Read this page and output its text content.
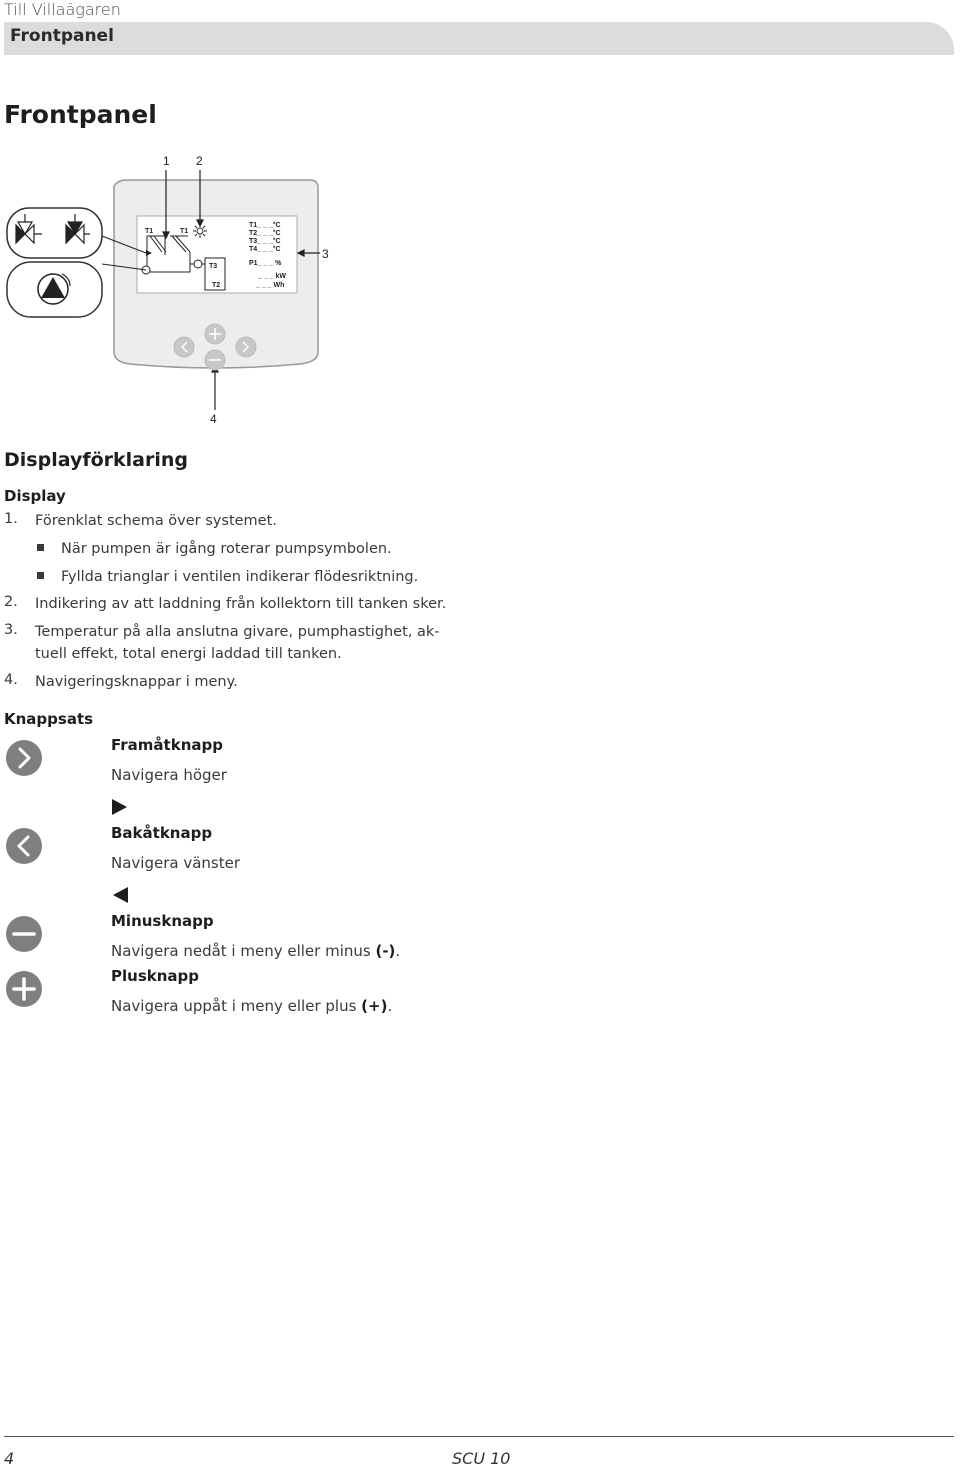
Till Villaägaren
Frontpanel
Frontpanel
T1	T1
T3
T2
T1_ _ _°C
T2_ _ _°C
T3_ _ _°C
T4_ _ _°C
P1_ _ _ %
_ _ _ kW
_ _ _ Wh
1 2
3
4
Displayförklaring
Display
1. Förenklat schema över systemet.

När pumpen är igång roterar pumpsymbolen.

Fyllda trianglar i ventilen indikerar flödesriktning.

2. Indikering av att laddning från kollektorn till tanken sker.

3. Temperatur på alla anslutna givare, pumphastighet, ak-

tuell effekt, total energi laddad till tanken.

4. Navigeringsknappar i meny.

Knappsats
Framåtknapp
Navigera höger
Bakåtknapp
Navigera vänster
Minusknapp
Navigera nedåt i meny eller minus (-).
Plusknapp
Navigera uppåt i meny eller plus (+).
4	SCU 10
